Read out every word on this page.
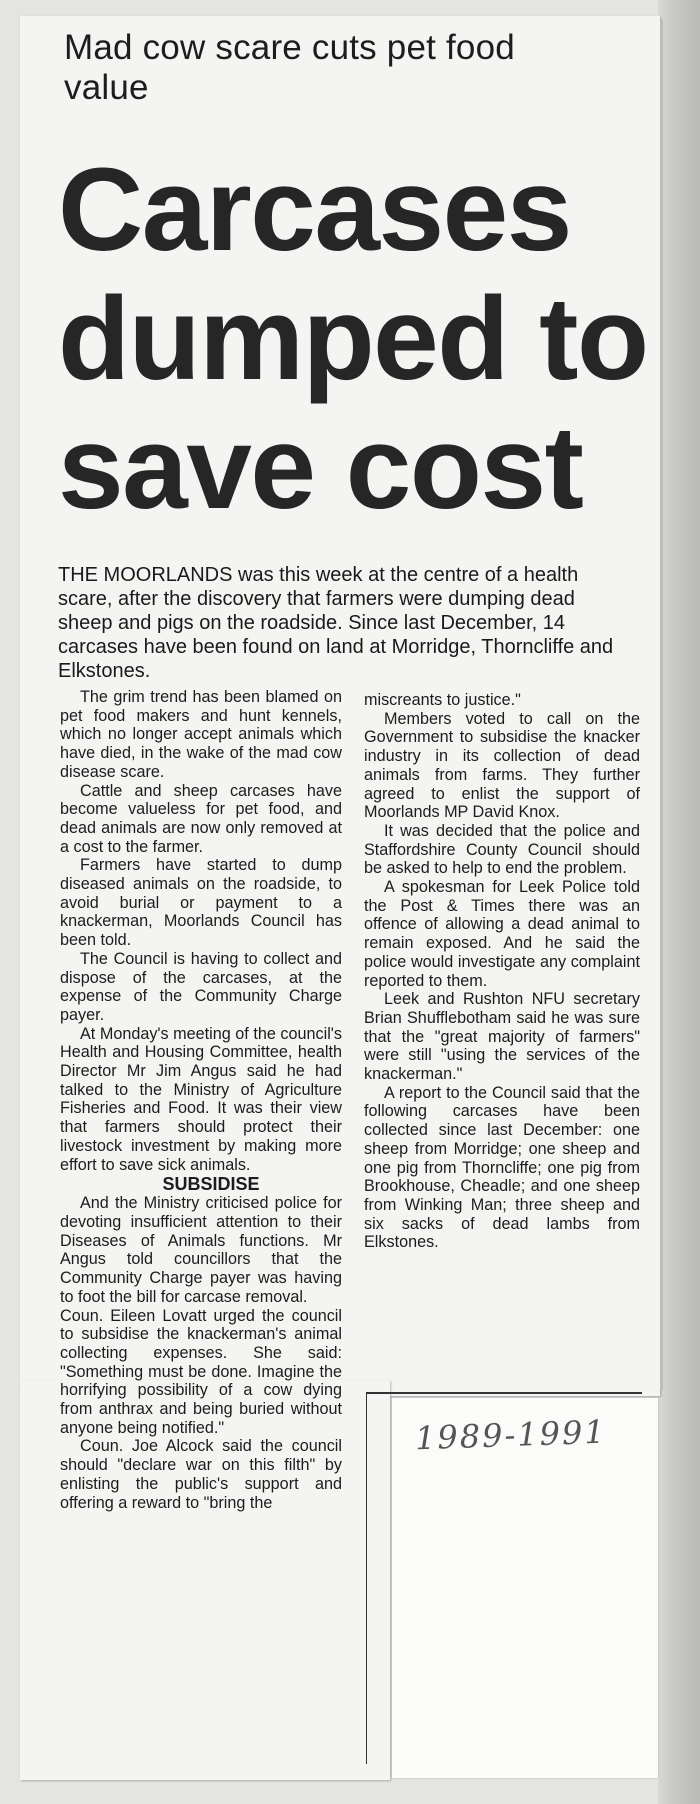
Mad cow scare cuts pet food value
Carcases dumped to save cost
THE MOORLANDS was this week at the centre of a health scare, after the discovery that farmers were dumping dead sheep and pigs on the roadside. Since last December, 14 carcases have been found on land at Morridge, Thorncliffe and Elkstones.

The grim trend has been blamed on pet food makers and hunt kennels, which no longer accept animals which have died, in the wake of the mad cow disease scare.

Cattle and sheep carcases have become valueless for pet food, and dead animals are now only removed at a cost to the farmer.

Farmers have started to dump diseased animals on the roadside, to avoid burial or payment to a knackerman, Moorlands Council has been told.

The Council is having to collect and dispose of the carcases, at the expense of the Community Charge payer.

At Monday's meeting of the council's Health and Housing Committee, health Director Mr Jim Angus said he had talked to the Ministry of Agriculture Fisheries and Food. It was their view that farmers should protect their livestock investment by making more effort to save sick animals.

SUBSIDISE

And the Ministry criticised police for devoting insufficient attention to their Diseases of Animals functions. Mr Angus told councillors that the Community Charge payer was having to foot the bill for carcase removal.

Coun. Eileen Lovatt urged the council to subsidise the knackerman's animal collecting expenses. She said: "Something must be done. Imagine the horrifying possibility of a cow dying from anthrax and being buried without anyone being notified."

Coun. Joe Alcock said the council should "declare war on this filth" by enlisting the public's support and offering a reward to "bring the

miscreants to justice."

Members voted to call on the Government to subsidise the knacker industry in its collection of dead animals from farms. They further agreed to enlist the support of Moorlands MP David Knox.

It was decided that the police and Staffordshire County Council should be asked to help to end the problem.

A spokesman for Leek Police told the Post & Times there was an offence of allowing a dead animal to remain exposed. And he said the police would investigate any complaint reported to them.

Leek and Rushton NFU secretary Brian Shufflebotham said he was sure that the "great majority of farmers" were still "using the services of the knackerman."

A report to the Council said that the following carcases have been collected since last December: one sheep from Morridge; one sheep and one pig from Thorncliffe; one pig from Brookhouse, Cheadle; and one sheep from Winking Man; three sheep and six sacks of dead lambs from Elkstones.

1989-1991
